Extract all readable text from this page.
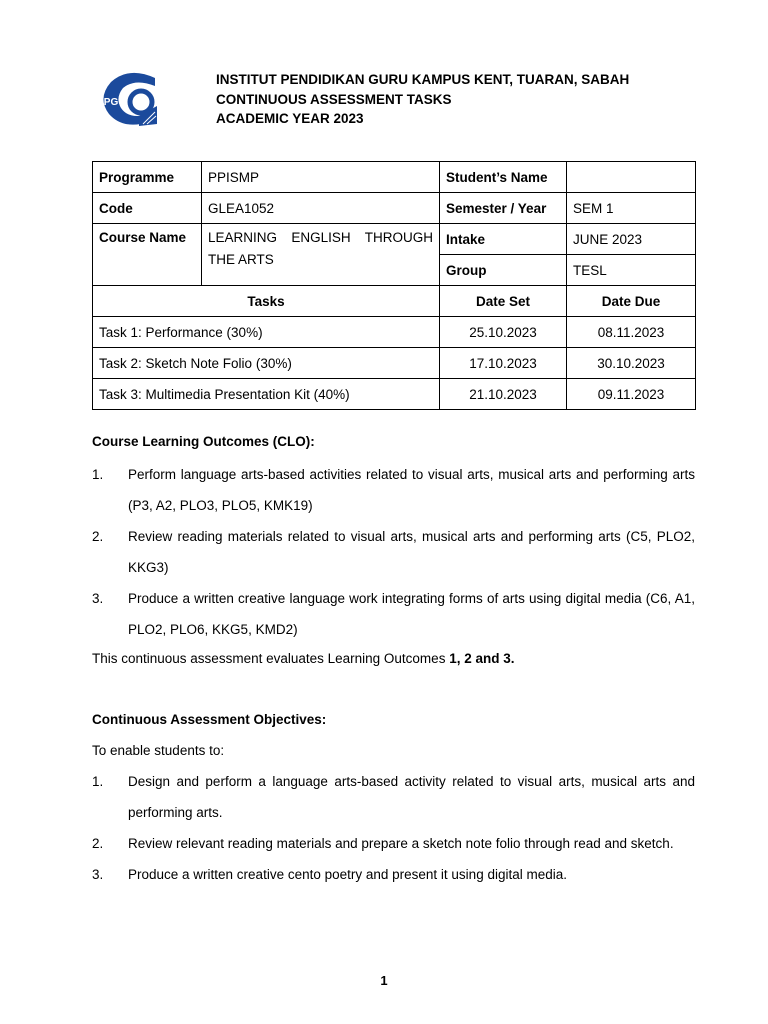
IPG
INSTITUT PENDIDIKAN GURU KAMPUS KENT, TUARAN, SABAH
CONTINUOUS ASSESSMENT TASKS
ACADEMIC YEAR 2023
Programme	PPISMP	Student’s Name	
Code	GLEA1052	Semester / Year	SEM 1
Course Name	LEARNING ENGLISH THROUGH THE ARTS	Intake	JUNE 2023
		Group	TESL
Tasks		Date Set	Date Due
Task 1: Performance (30%)		25.10.2023	08.11.2023
Task 2: Sketch Note Folio (30%)		17.10.2023	30.10.2023
Task 3: Multimedia Presentation Kit (40%)		21.10.2023	09.11.2023
Course Learning Outcomes (CLO):
1. Perform language arts-based activities related to visual arts, musical arts and performing arts (P3, A2, PLO3, PLO5, KMK19)
2. Review reading materials related to visual arts, musical arts and performing arts (C5, PLO2, KKG3)
3. Produce a written creative language work integrating forms of arts using digital media (C6, A1, PLO2, PLO6, KKG5, KMD2)
This continuous assessment evaluates Learning Outcomes 1, 2 and 3.
Continuous Assessment Objectives:
To enable students to:
1. Design and perform a language arts-based activity related to visual arts, musical arts and performing arts.
2. Review relevant reading materials and prepare a sketch note folio through read and sketch.
3. Produce a written creative cento poetry and present it using digital media.
1
